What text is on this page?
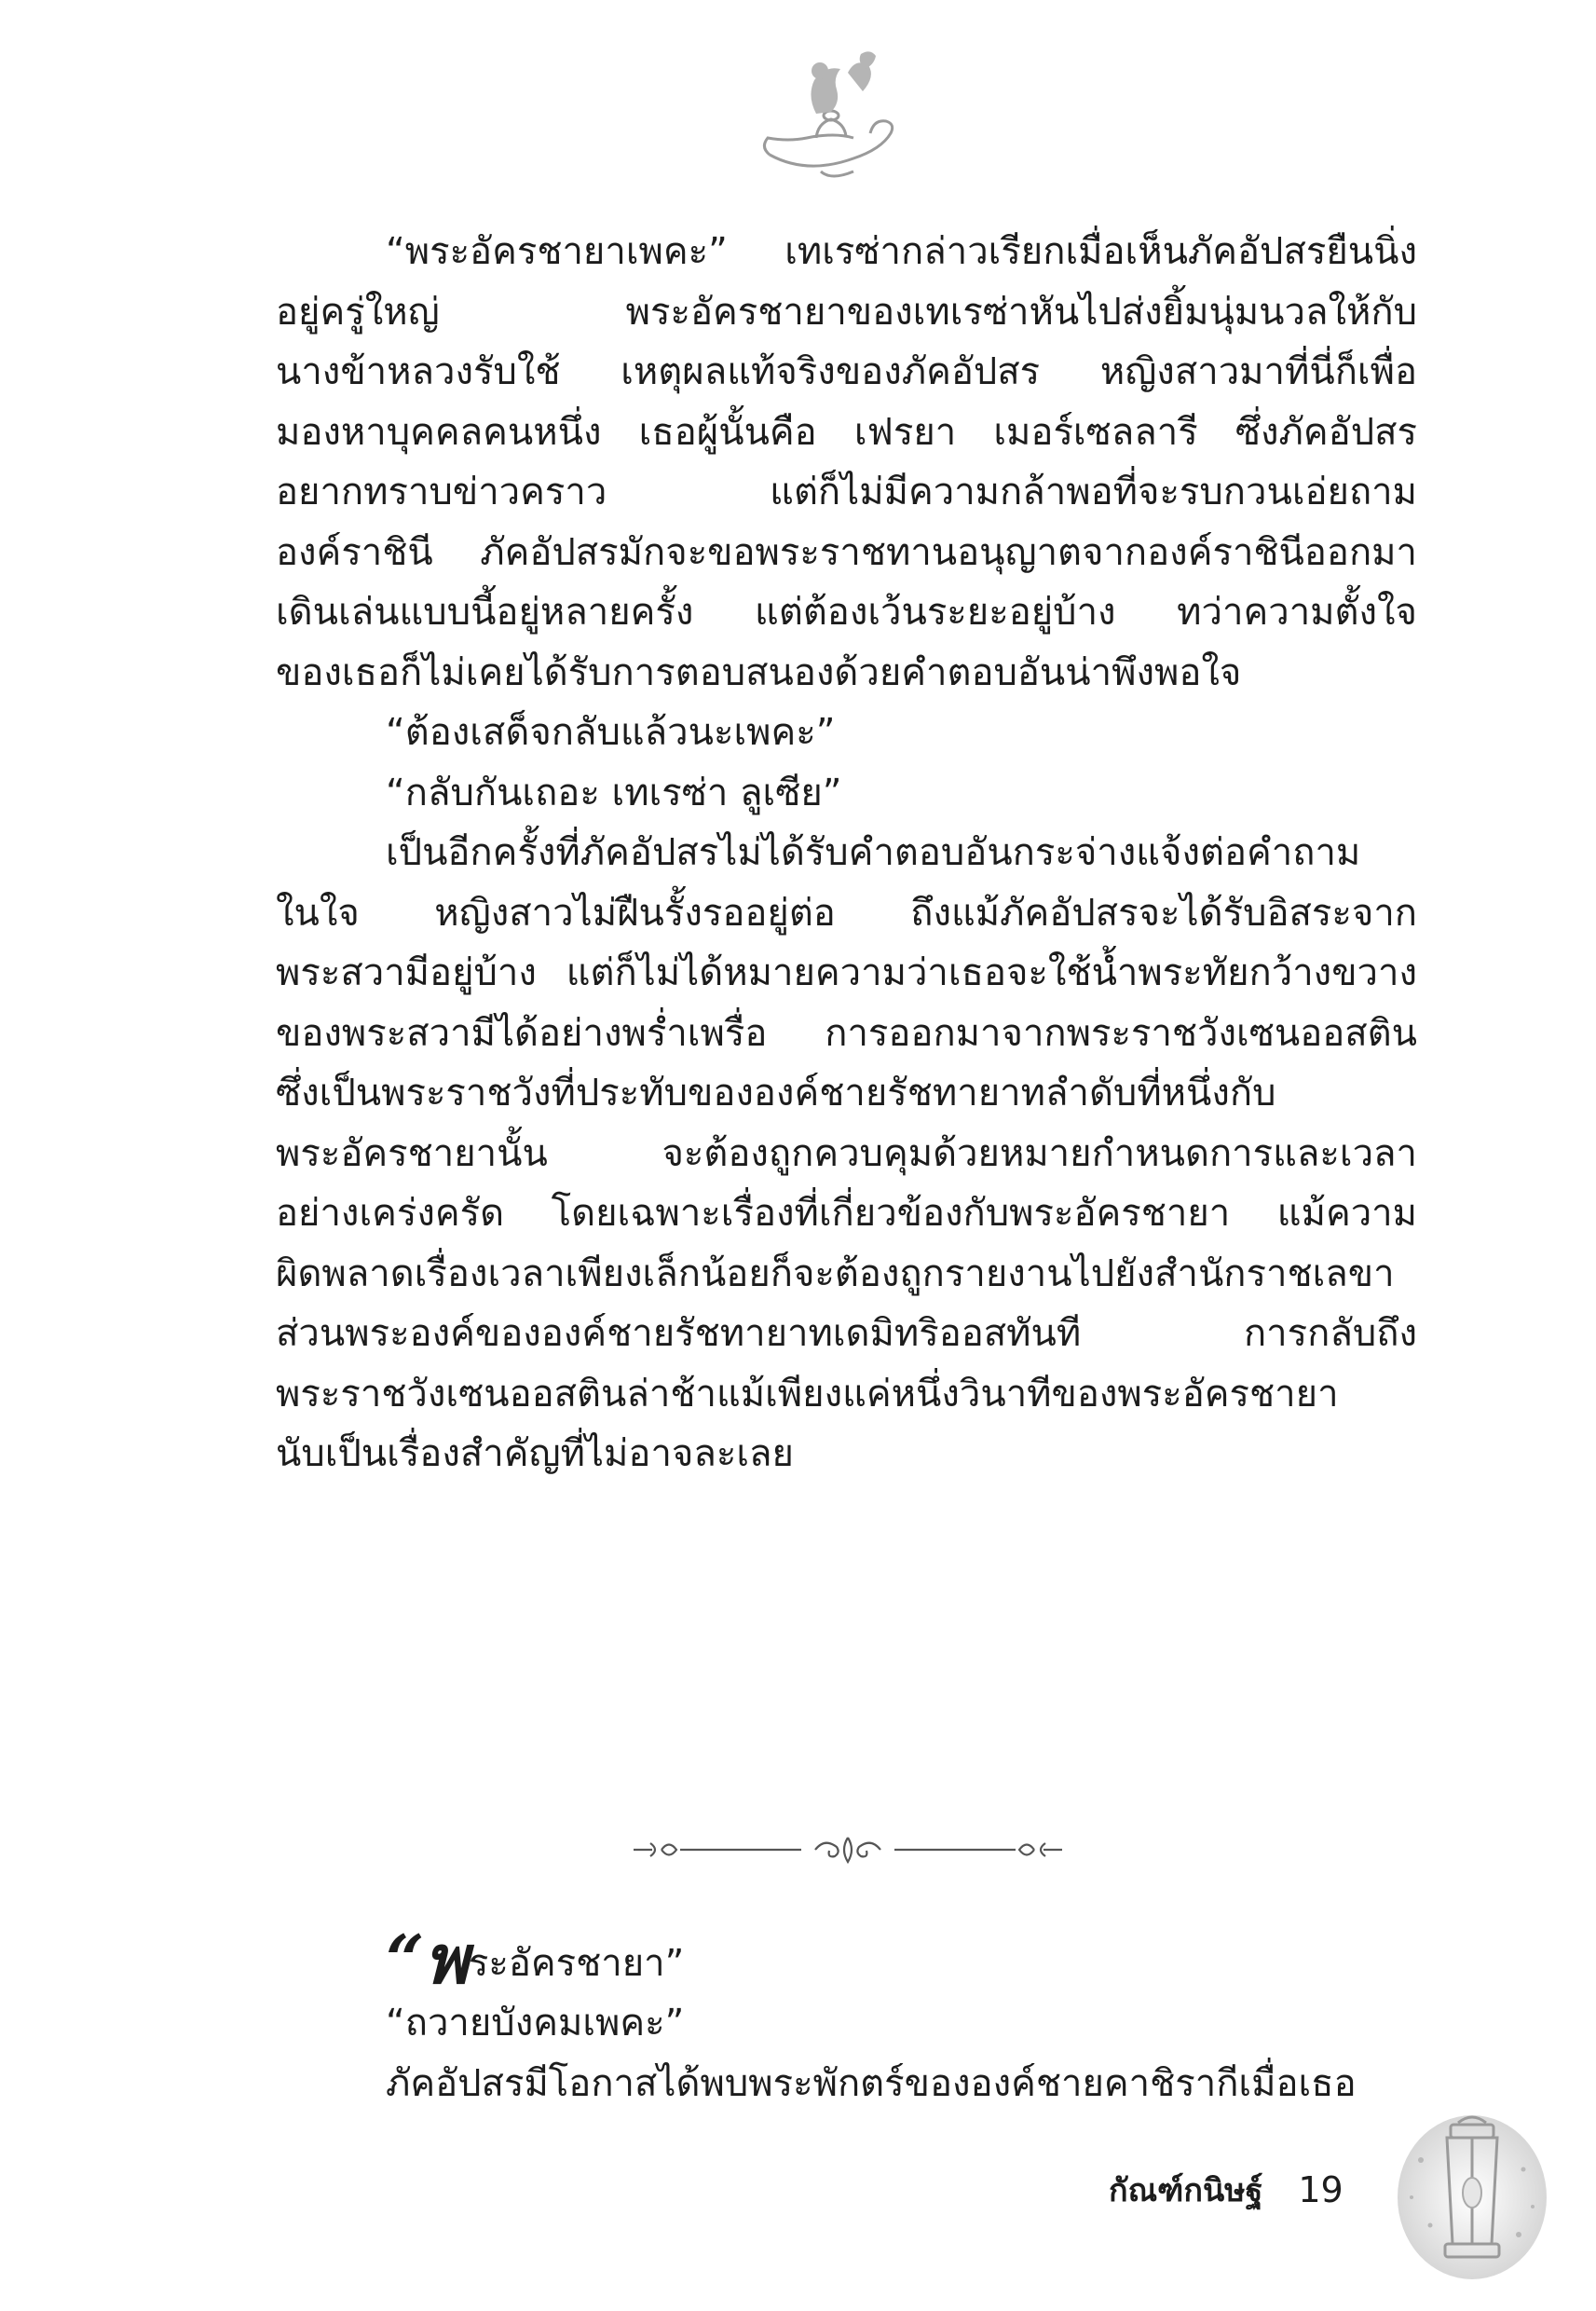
“พระอัครชายาเพคะ” เทเรซ่ากล่าวเรียกเมื่อเห็นภัคอัปสรยืนนิ่ง
อยู่ครู่ใหญ่ พระอัครชายาของเทเรซ่าหันไปส่งยิ้มนุ่มนวลให้กับ
นางข้าหลวงรับใช้ เหตุผลแท้จริงของภัคอัปสร หญิงสาวมาที่นี่ก็เพื่อ
มองหาบุคคลคนหนึ่ง เธอผู้นั้นคือ เฟรยา เมอร์เซลลารี ซึ่งภัคอัปสร
อยากทราบข่าวคราว แต่ก็ไม่มีความกล้าพอที่จะรบกวนเอ่ยถาม
องค์ราชินี ภัคอัปสรมักจะขอพระราชทานอนุญาตจากองค์ราชินีออกมา
เดินเล่นแบบนี้อยู่หลายครั้ง แต่ต้องเว้นระยะอยู่บ้าง ทว่าความตั้งใจ
ของเธอก็ไม่เคยได้รับการตอบสนองด้วยคำตอบอันน่าพึงพอใจ
“ต้องเสด็จกลับแล้วนะเพคะ”
“กลับกันเถอะ เทเรซ่า ลูเซีย”
เป็นอีกครั้งที่ภัคอัปสรไม่ได้รับคำตอบอันกระจ่างแจ้งต่อคำถาม
ในใจ หญิงสาวไม่ฝืนรั้งรออยู่ต่อ ถึงแม้ภัคอัปสรจะได้รับอิสระจาก
พระสวามีอยู่บ้าง แต่ก็ไม่ได้หมายความว่าเธอจะใช้น้ำพระทัยกว้างขวาง
ของพระสวามีได้อย่างพร่ำเพรื่อ การออกมาจากพระราชวังเซนออสติน
ซึ่งเป็นพระราชวังที่ประทับขององค์ชายรัชทายาทลำดับที่หนึ่งกับ
พระอัครชายานั้น จะต้องถูกควบคุมด้วยหมายกำหนดการและเวลา
อย่างเคร่งครัด โดยเฉพาะเรื่องที่เกี่ยวข้องกับพระอัครชายา แม้ความ
ผิดพลาดเรื่องเวลาเพียงเล็กน้อยก็จะต้องถูกรายงานไปยังสำนักราชเลขา
ส่วนพระองค์ขององค์ชายรัชทายาทเดมิทริออสทันที การกลับถึง
พระราชวังเซนออสตินล่าช้าแม้เพียงแค่หนึ่งวินาทีของพระอัครชายา
นับเป็นเรื่องสำคัญที่ไม่อาจละเลย
“พ ระอัครชายา”
“ถวายบังคมเพคะ”
ภัคอัปสรมีโอกาสได้พบพระพักตร์ขององค์ชายคาชิรากีเมื่อเธอ
กัณฑ์กนิษฐ์ 19
